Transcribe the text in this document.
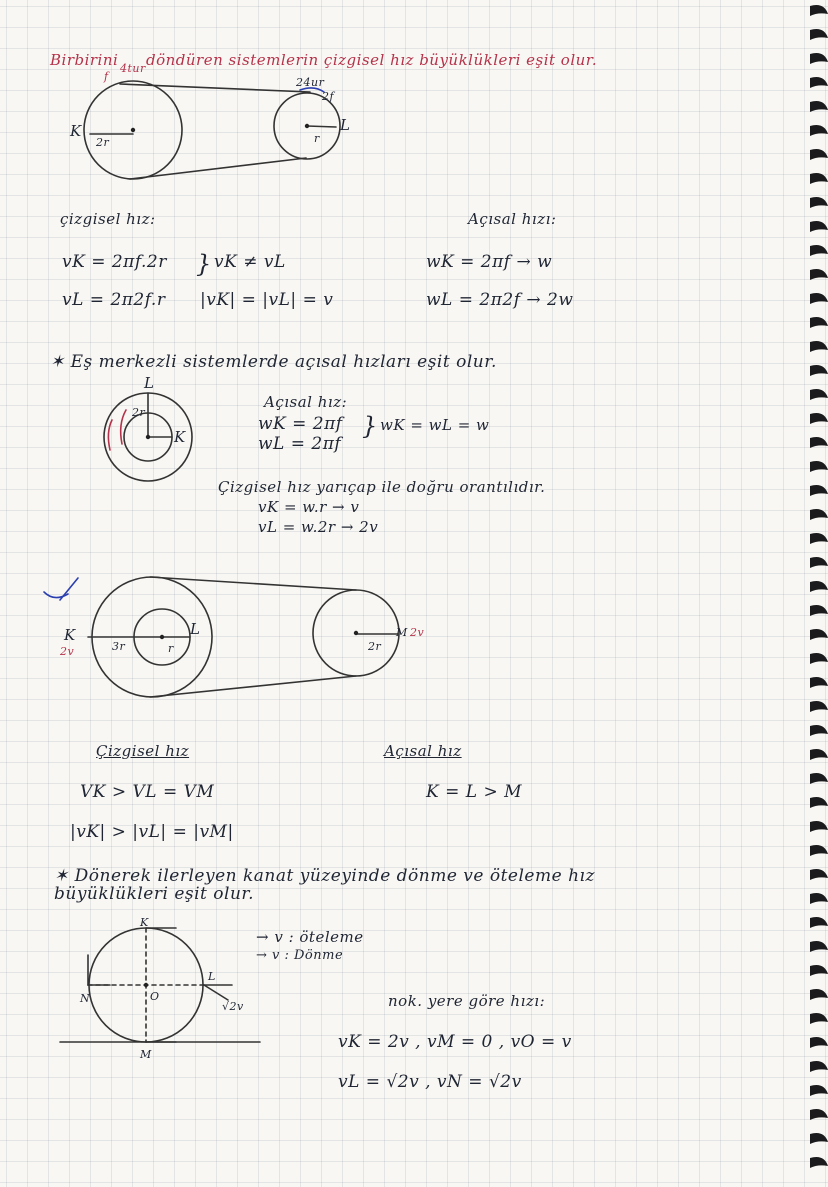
Birbirini 4tur
f
döndüren sistemlerin çizgisel hız büyüklükleri eşit olur.
K
2r
L
r
24ur
2f
çizgisel hız:
vK = 2πf.2r
vL = 2π2f.r
} vK ≠ vL
|vK| = |vL| = v
Açısal hızı:
wK = 2πf → w
wL = 2π2f → 2w
✶ Eş merkezli sistemlerde açısal hızları eşit olur.
L
K
2r
Açısal hız:
wK = 2πf
wL = 2πf
} wK = wL = w
Çizgisel hız yarıçap ile doğru orantılıdır.
vK = w.r → v
vL = w.2r → 2v
K
2v	3r	r
L
2r
M 2v
Çizgisel hız
VK > VL = VM
|vK| > |vL| = |vM|
Açısal hız
K = L > M
✶ Dönerek ilerleyen kanat yüzeyinde dönme ve öteleme hız
büyüklükleri eşit olur.
→ v : öteleme
→ v : Dönme
nok. yere göre hızı:
vK = 2v , vM = 0 , vO = v
vL = √2v , vN = √2v
N
M
K
L
O
√2v
